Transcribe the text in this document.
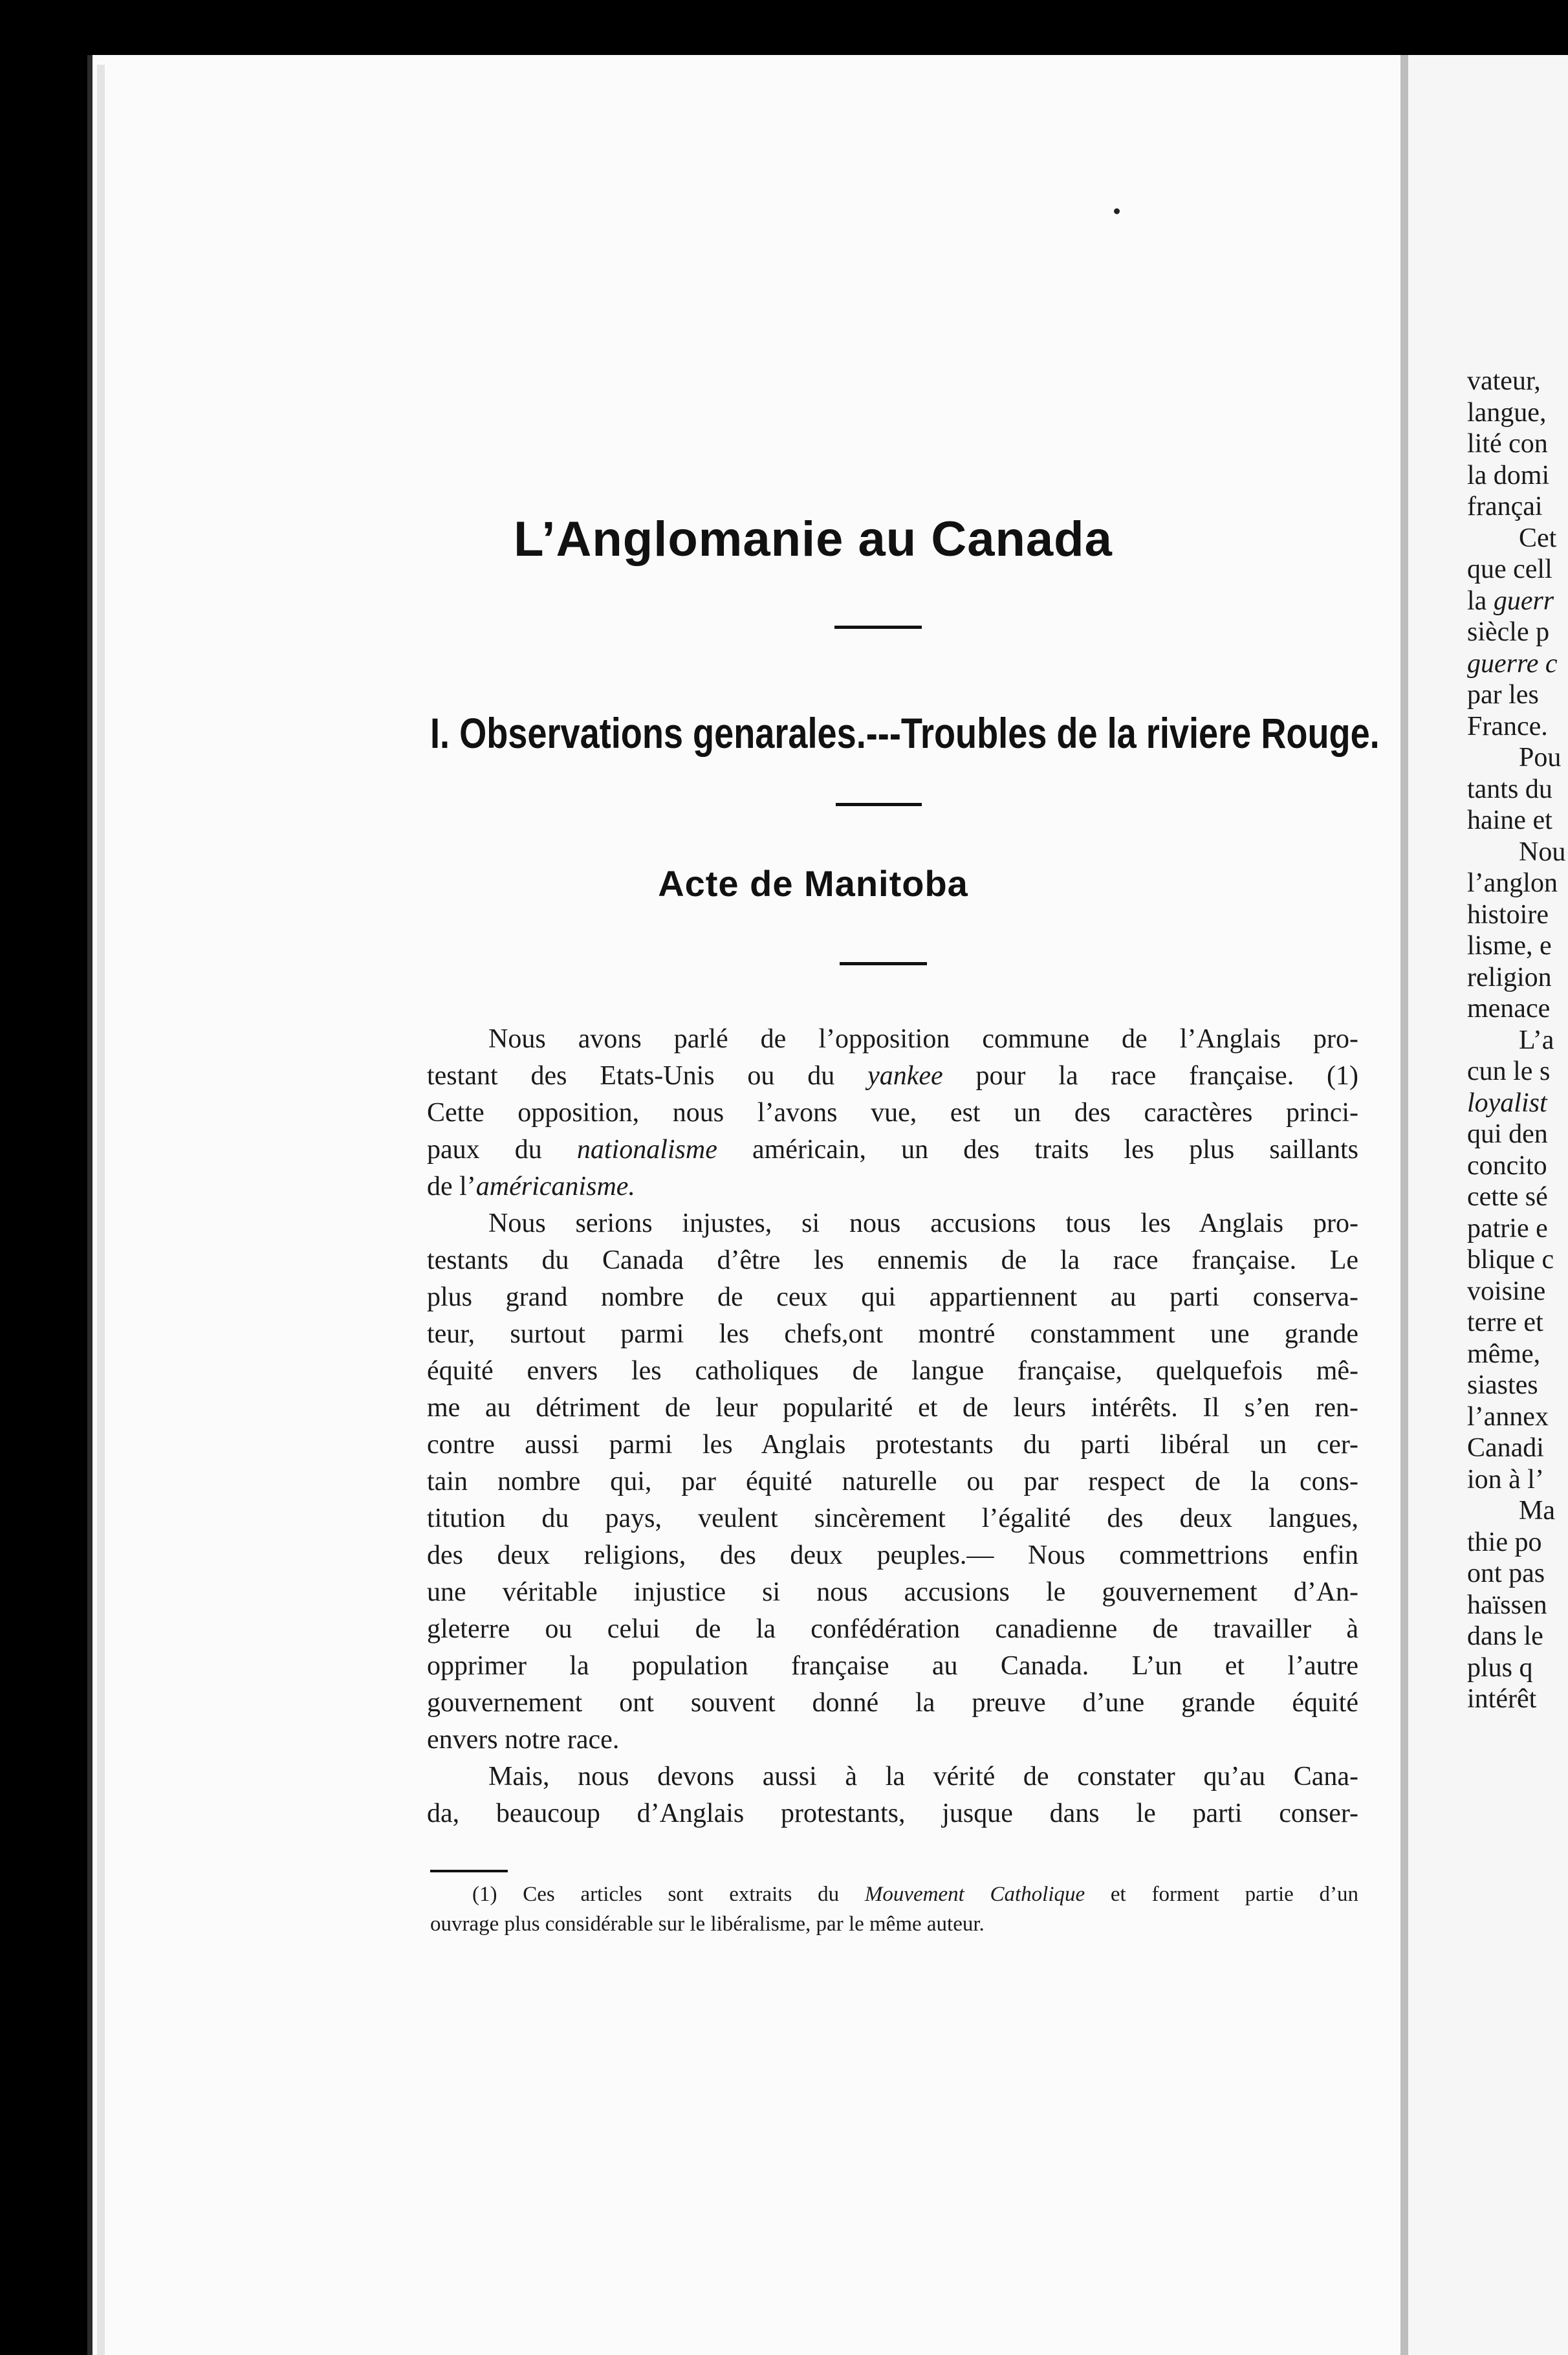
L’Anglomanie au Canada
I. Observations genarales.---Troubles de la riviere Rouge.
Acte de Manitoba
Nous avons parlé de l’opposition commune de l’Anglais pro-
testant des Etats-Unis ou du yankee pour la race française. (1)
Cette opposition, nous l’avons vue, est un des caractères princi-
paux du nationalisme américain, un des traits les plus saillants
de l’américanisme.
Nous serions injustes, si nous accusions tous les Anglais pro-
testants du Canada d’être les ennemis de la race française. Le
plus grand nombre de ceux qui appartiennent au parti conserva-
teur, surtout parmi les chefs,ont montré constamment une grande
équité envers les catholiques de langue française, quelquefois mê-
me au détriment de leur popularité et de leurs intérêts. Il s’en ren-
contre aussi parmi les Anglais protestants du parti libéral un cer-
tain nombre qui, par équité naturelle ou par respect de la cons-
titution du pays, veulent sincèrement l’égalité des deux langues,
des deux religions, des deux peuples.— Nous commettrions enfin
une véritable injustice si nous accusions le gouvernement d’An-
gleterre ou celui de la confédération canadienne de travailler à
opprimer la population française au Canada. L’un et l’autre
gouvernement ont souvent donné la preuve d’une grande équité
envers notre race.
Mais, nous devons aussi à la vérité de constater qu’au Cana-
da, beaucoup d’Anglais protestants, jusque dans le parti conser-
(1) Ces articles sont extraits du Mouvement Catholique et forment partie d’un
ouvrage plus considérable sur le libéralisme, par le même auteur.
vateur,
langue,
lité con
la domi
françai
Cet
que cell
la guerr
siècle p
guerre c
par les
France.
Pou
tants du
haine et
Nou
l’anglon
histoire
lisme, e
religion
menace
L’a
cun le s
loyalist
qui den
concito
cette sé
patrie e
blique c
voisine
terre et
même,
siastes
l’annex
Canadi
ion à l’
Ma
thie po
ont pas
haïssen
dans le
plus q
intérêt
